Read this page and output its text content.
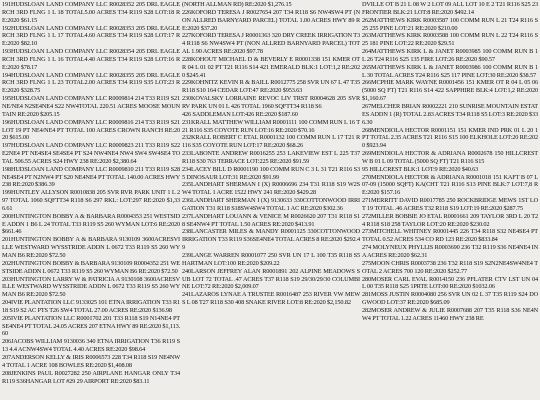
191HUDSLOAN LAND COMPANY LLC R0028352 205 DRL EAGLE RCH 3RD FLNG 1 L 18 TOTAL5.00 ACRES T34 R119 S28 LOT:18 RE:2020 $61.15

192HUDSLOAN LAND COMPANY LLC R0028353 205 DRL EAGLE RCH 3RD FLNG 1 L 17 TOTAL4.60 ACRES T34 R119 S28 LOT:17 RE:2020 $82.10

193HUDSLOAN LAND COMPANY LLC R0028354 205 DRL EAGLE RCH 3RD FLNG 1 L 16 TOTAL4.40 ACRES T34 R119 S28 LOT:16 RE:2020 $78.17

194HUDSLOAN LAND COMPANY LLC R0028355 205 DRL EAGLE RCH 3RD FLNG 1 L 23 TOTAL2.00 ACRES T34 R119 S35 LOT:23 RE:2020 $328.75

195HUDSLOAN LAND COMPANY LLC R0009814 214 T33 R119 S21 NE/NE4 N2SE4NE4 S22 NW4TOTAL 220.51 ACRES MOOSE MOUNTAIN RE:2020 $205.15

196HUDSLOAN LAND COMPANY LLC R0009816 214 T33 R119 S21 LOT 19 PT NE4/NE4 PT TOTAL 100 ACRES CROWN RANCH RE:2020 $615.00

197HUDSLOAN LAND COMPANY LLC R0009823 211 T33 R119 S22 E2NE4 PT NE4SE4 SE4SE4 PT S24 NW4NE4 NW4 SW4 SW4SE4 TOTAL 506.55 ACRES S24 HWY 238 RE:2020 $2,380.64

198HUDSLOAN LAND COMPANY LLC R0009810 211 T33 R119 S28 NE4SE4 PT N2NW4 PT S20 NE4NE4 PT TOTAL 140.00 ACRES HWY 238 RE:2020 $386.39

199HUNTLEY ALLYSON R0010838 205 SVR RVR PARK UNIT 1 L 297 TOTAL 1060 SQFTT34 R118 S6 297 RKL: LOT:297 RE:2020 $1,336.61

200HUNTINGTON BOBBY A & BARBARA R0004353 251 WESTSIDE ADDN 1 B6 L 24 TOTAL T33 R119 S5 260 WYMAN LOT:6 RE:2020 $661.46

201HUNTINGTON BOBBY A & BARBARA 9130109 3600ACRESVILLE WESTWARD WYSSTRIDE ADDN L 0672 T33 R119 S5 260 WYMAN B6 RE:2020 $72.50

202HUNTINGTON BOBBY & BARBARA 9130109 R0004352 251 WESTSIDE ADDN L 0672 T33 R119 S5 260 WYMAN B6 RE:2020 $72.50

203HUNTINGTON LARRY W & PATRICIA A 9130108 3600ACRESVILLE WESTWARD WYSSTRIDE ADDN L 0672 T33 R119 S5 260 WYMAN B6 RE:2020 $72.50

204IVIE PLANTATION LLC 9133025 101 ETNA IRRIGATION T33 R118 S19 S2 AC PTS T26 SW4 TOTAL 27.00 ACRES RE:2020 $136.98

205IVIE PLANTATION LLC R0001702 201 T33 R118 S19 N14NE4 PT SE4NE4 PT TOTAL 24.05 ACRES 207 ETNA HWY 89 RE:2020 $1,113.60

206JACOBS WILLIAM 9130036 340 ETNA IRRIGATION T36 R119 S13 4.4 ACNW4SW4 TOTAL 4.40 ACRES RE:2020 $98.64

207ANDERSON KELLY & IRIS R0006573 228 T34 R118 S19 NE4NW4 TOTAL 1 ACRE 108 BOWLES RE:2020 $1,408.08

208JENKINS PAUL R0027282 250 AIRPLANE HANGAR ONLY T34 R119 S36HANGAR LOT #29 29 AIRPORT RE:2020 $83.11

(NORTH ALLMAN RD) RE:2020 $1,276.15

226KOFORD TERESA J R0027654 207 T34 R118 S6 NW4SW4 PT (NON ALLRED BARNYARD PARCEL) TOTAL 1.00 ACRES HWY 89 RE:2020 $37.20

227KOFORD TERESA J R0001363 320 DRY CREEK IRRIGATION T34 R118 S6 NW4SW4 PT (NON ALLRED BARNYARD PARCEL) TOTAL 1.90 ACRES RE:2020 $97.78

228KOHOUT MICHAEL D & BEVERLY E R0001338 151 KMER OT R 04 L 01 02 PT T21 R116 S14 421 EMERALD BLK:1 LOT:1,2 RE:2020 $245.41

229KOHNITZ KEVIN R & BAILL R0012775 258 SVR UN 67 L 47 T35 R118 S10 164 CEDAR LOT:47 RE:2020 $953.63

230KOVALSKY LORRAINE REVOC LIV TRST R0004628 205 SVR RV PARK UN 01 L 426 TOTAL 1960 SQFTT34 R118 S6

426 SADDLEMAN LOT:426 RE:2020 $187.60

231KRALL MATTHEW WILLIAM R0001111 100 COMM RUN L 16 T21 R116 S35 COYOTE RUN LOT:16 RE:2020 $70.16

232KRALL ROBERT C ETAL R0001132 100 COMM RUN L 17 T21 R116 S35 COYOTE RUN LOT:17 RE:2020 $68.26

233LABONTE ANDREW R0016255 253 LAKEVIEW EST L 225 T37 R118 S30 763 TERRACE LOT:225 RE:2020 $91.59

234LACEY BILL D R0001190 100 COMM RUN C 3 L 31 T21 R116 S35 DINOSAUR LOT:31 RE:2020 $91.99

235LANDHART SHERMAN I (X) R0006696 234 T31 R118 S19 W2SW4 TOTAL 1 ACRE 1522 HWY 241 RE:2020 $429.28

236LANDHART SHERMAN I (X) 9130633 330COTTONWOOD IRRIGATION T31 R118 S18SW4SW4 TOTAL 1 AC RE:2020 $302.36

237LANDHART LOUANN & VENICE M R0026620 207 T31 R118 S18 SE4NW4 PT TOTAL 1.50 ACRES RE:2020 $413.91

238LANCASTER MILES & MANDY R0001125 330COTTONWOOD IRRIGATION T33 R119 S36SE4NE4 TOTAL ACRES 8 RE:2020 $292.49

239LANGE WARREN R0001077 250 SVR UN 17 L 100 T35 R118 S5 HARTMAN LOT:100 RE:2020 $209.22

240LARSON JEFFREY ALAN R0001891 202 ALPINE MEADOWS SUB LOT 72 TOTAL .47 ACRES T37 R118 S19 29/30/29/30 COLUMBINE LOT:72 RE:2020 $2,009.07

241LAZAROS LYNAE A TRUSTEE R0016487 253 RIVER VW MEWS L 08 T27 R118 S30 408 SNAKE RIVER LOT:8 RE:2020 $2,150.82

DVILLE OT B 21 L 08 W 2 LOT 09 ALL LOT 10 E 2 T21 R116 S25 23 FRONTIER BLK:21 LOT:8 RE:2020 $492.14

262MATTHEWS KIRK R0003587 100 COMM RUN L 21 T24 R116 S25 255 PINE LOT:21 RE:2020 $210.00

263MATTHEWS KIRK R0003588 100 COMM RUN L 22 T24 R116 S25 181 PINE LOT:22 RE:2020 $29.51

264MATTHEWS KIRK L & JANET R0003985 100 COMM RUN B 1 L 26 T24 R116 S25 135 FIRE LOT:26 RE:2020 $90.57

265MATTHEWS KIRK L & JANET R0003986 100 COMM RUN B 1 L 30 TOTAL ACRES T24 R116 S25 117 PINE LOT:30 RE:2020 $38.57

266MCPHIE MARK WAYNE R0001456 151 KMER OT R 04 L 05 06 (5000 SQ FT) T21 R116 S14 422 SAPPHIRE BLK:4 LOT:1,2 RE:2020 $1,160.67

267MELCHER BRIAN R0002221 210 SUNRISE MOUNTAIN ESTATES ADDN 1 (R) TOTAL 2.83 ACRES T34 R118 S5 LOT:3 RE:2020 $336.30

268MENDIOLA HECTOR R0001151 151 KMER IND PRK 01 L 20 1 PT TOTAL 2.35 ACRES T21 R116 S15 100 ELKHOLE LOT:20 RE:2020 $923.94

269MENDIOLA HECTOR & ADRIANA R0002678 150 HILLCREST W B 01 L 09 TOTAL (5000 SQ FT) T21 R116 S15

95 HILLCREST BLK:1 LOT:9 RE:2020 $40.63

270MENDIOLA HECTOR & ADRIANA R0001018 151 KAFT B 07 L 07-09 (15000 SQFT) KA(CHT T21 R116 S13 PINE BLK:7 LOT:7,8 RE:2020 $157.16

271MERRITT DAVID R0017785 250 ROCKBRIDGE MEWS 1ST LOT 19 TOTAL .46 ACRES T32 R118 S19 LOT:19 RE:2020 $287.75

272MILLER BOBBIE JO ETAL R0001661 209 TAYLOR 3RD L 20 T24 R118 S18 258 TAYLOR LOT:20 RE:2020 $230.02

273MITCHELL WHITNEY R0001445 226 T34 R118 S32 NE4SE4 PT TOTAL 0.52 ACRES 534 CO RD 123 RE:2020 $833.84

274 MOLYNEUX PHYLLIS R0003690 236 T32 R119 S36 NE4NE4 INA ACRES RE:2020 $62.31

275MOON CHRIS R0003738 236 T32 R118 S19 S2N2NE4SW4NE4 TOTAL 2 ACRES 700 120 RE:2020 $252.77

280MOSER CARL EVAL R0014150 236 PFLATER CTV LST UN 04 L 00 T35 R118 S25 1PRTE LOT:00 RE:2020 $1032.06

281MOSS JUSTIN R0004080 256 SVR UN 02 L 37 T35 R119 S24 DOGWOOD LOT:37 RE:2020 $685.09

282MOSER ANDREW & JULIE R0007688 207 T35 R118 S36 NE4NW4 PT TOTAL 1.22 ACRES 11460 HWY 238 RE
